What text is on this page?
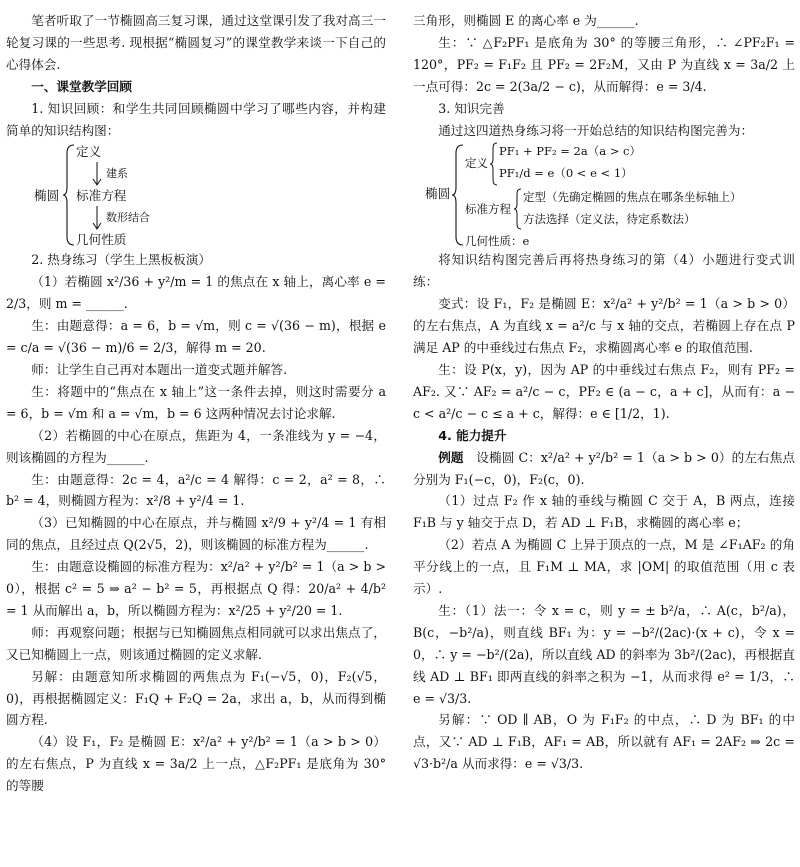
笔者听取了一节椭圆高三复习课，通过这堂课引发了我对高三一轮复习课的一些思考. 现根据“椭圆复习”的课堂教学来谈一下自己的心得体会.

一、课堂教学回顾

1. 知识回顾：和学生共同回顾椭圆中学习了哪些内容，并构建简单的知识结构图：

椭圆
定义
建系
标准方程
数形结合
几何性质

2. 热身练习（学生上黑板板演）

（1）若椭圆 x²/36 + y²/m = 1 的焦点在 x 轴上，离心率 e = 2/3，则 m = ______.

生：由题意得：a = 6，b = √m，则 c = √(36 − m)，根据 e = c/a = √(36 − m)/6 = 2/3，解得 m = 20.

师：让学生自己再对本题出一道变式题并解答.

生：将题中的“焦点在 x 轴上”这一条件去掉，则这时需要分 a = 6，b = √m 和 a = √m，b = 6 这两种情况去讨论求解.

（2）若椭圆的中心在原点，焦距为 4，一条准线为 y = −4，则该椭圆的方程为______.

生：由题意得：2c = 4，a²/c = 4 解得：c = 2，a² = 8，∴ b² = 4，则椭圆方程为：x²/8 + y²/4 = 1.

（3）已知椭圆的中心在原点，并与椭圆 x²/9 + y²/4 = 1 有相同的焦点，且经过点 Q(2√5，2)，则该椭圆的标准方程为______.

生：由题意设椭圆的标准方程为：x²/a² + y²/b² = 1（a > b > 0），根据 c² = 5 ⇒ a² − b² = 5，再根据点 Q 得：20/a² + 4/b² = 1 从而解出 a，b，所以椭圆方程为：x²/25 + y²/20 = 1.

师：再观察问题；根据与已知椭圆焦点相同就可以求出焦点了，又已知椭圆上一点，则该通过椭圆的定义求解.

另解：由题意知所求椭圆的两焦点为 F₁(−√5，0)，F₂(√5，0)，再根据椭圆定义：F₁Q + F₂Q = 2a，求出 a，b，从而得到椭圆方程.

（4）设 F₁，F₂ 是椭圆 E：x²/a² + y²/b² = 1（a > b > 0）的左右焦点，P 为直线 x = 3a/2 上一点，△F₂PF₁ 是底角为 30° 的等腰

三角形，则椭圆 E 的离心率 e 为______.

生：∵ △F₂PF₁ 是底角为 30° 的等腰三角形，∴ ∠PF₂F₁ = 120°，PF₂ = F₁F₂ 且 PF₂ = 2F₂M，又由 P 为直线 x = 3a/2 上一点可得：2c = 2(3a/2 − c)，从而解得：e = 3/4.

3. 知识完善

通过这四道热身练习将一开始总结的知识结构图完善为：

椭圆
定义
PF₁ + PF₂ = 2a（a > c）
PF₁/d = e（0 < e < 1）
标准方程
定型（先确定椭圆的焦点在哪条坐标轴上）
方法选择（定义法，待定系数法）
几何性质：e

将知识结构图完善后再将热身练习的第（4）小题进行变式训练：

变式：设 F₁，F₂ 是椭圆 E：x²/a² + y²/b² = 1（a > b > 0）的左右焦点，A 为直线 x = a²/c 与 x 轴的交点，若椭圆上存在点 P 满足 AP 的中垂线过右焦点 F₂，求椭圆离心率 e 的取值范围.

生：设 P(x，y)，因为 AP 的中垂线过右焦点 F₂，则有 PF₂ = AF₂. 又∵ AF₂ = a²/c − c，PF₂ ∈ (a − c，a + c]，从而有：a − c < a²/c − c ≤ a + c，解得：e ∈ [1/2，1).

4. 能力提升

例题　 设椭圆 C：x²/a² + y²/b² = 1（a > b > 0）的左右焦点分别为 F₁(−c，0)，F₂(c，0).

（1）过点 F₂ 作 x 轴的垂线与椭圆 C 交于 A，B 两点，连接 F₁B 与 y 轴交于点 D，若 AD ⊥ F₁B，求椭圆的离心率 e；

（2）若点 A 为椭圆 C 上异于顶点的一点，M 是 ∠F₁AF₂ 的角平分线上的一点，且 F₁M ⊥ MA，求 |OM| 的取值范围（用 c 表示）.

生：（1）法一：令 x = c，则 y = ± b²/a，∴ A(c，b²/a)，B(c，−b²/a)，则直线 BF₁ 为：y = −b²/(2ac)·(x + c)，令 x = 0，∴ y = −b²/(2a)，所以直线 AD 的斜率为 3b²/(2ac)，再根据直线 AD ⊥ BF₁ 即两直线的斜率之积为 −1，从而求得 e² = 1/3，∴ e = √3/3.

另解：∵ OD ∥ AB，O 为 F₁F₂ 的中点，∴ D 为 BF₁ 的中点，又∵ AD ⊥ F₁B，AF₁ = AB，所以就有 AF₁ = 2AF₂ ⇒ 2c = √3·b²/a 从而求得：e = √3/3.
